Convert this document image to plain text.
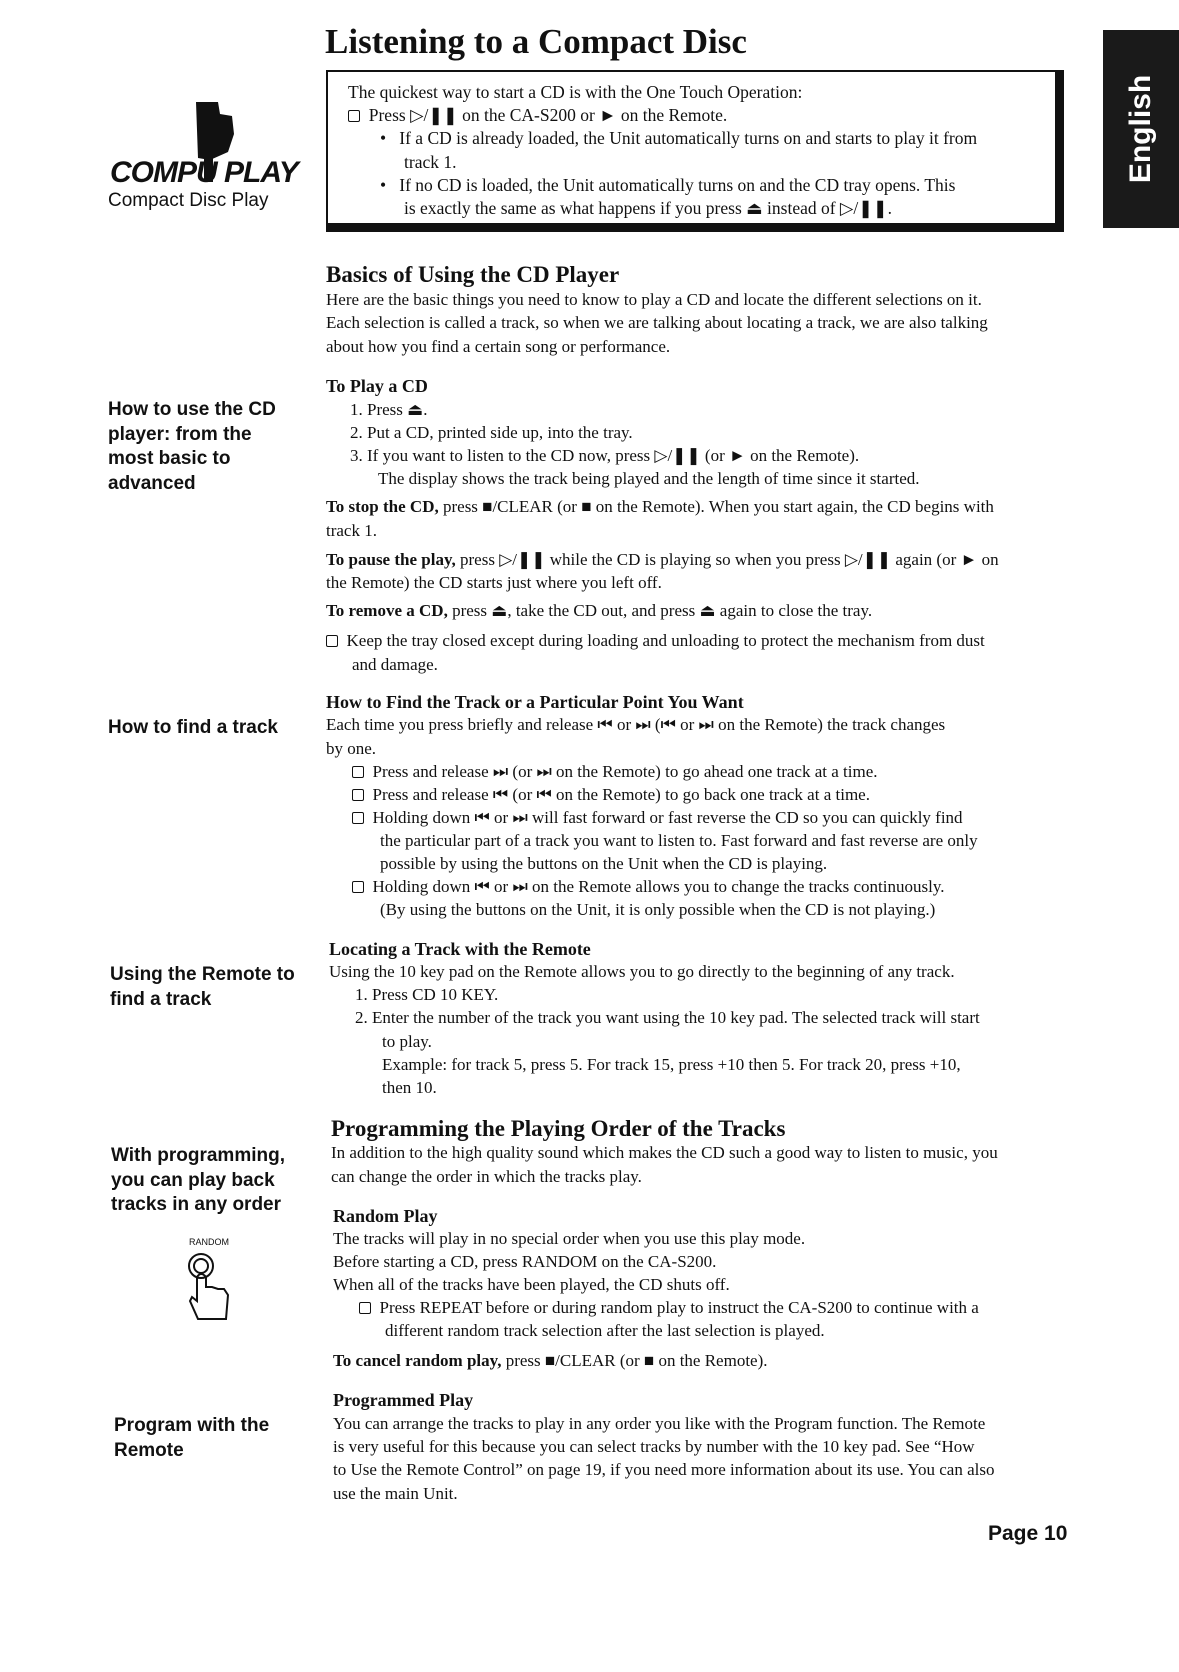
Listening to a Compact Disc
English
COMPU PLAY
Compact Disc Play
The quickest way to start a CD is with the One Touch Operation:
Press ▷/❚❚ on the CA-S200 or ► on the Remote.
•   If a CD is already loaded, the Unit automatically turns on and starts to play it from
track 1.
•   If no CD is loaded, the Unit automatically turns on and the CD tray opens. This
is exactly the same as what happens if you press ⏏ instead of ▷/❚❚.
How to use the CD
player: from the
most basic to
advanced
How to find a track
Using the Remote to
find a track
With programming,
you can play back
tracks in any order
RANDOM
Program with the
Remote
Basics of Using the CD Player
Here are the basic things you need to know to play a CD and locate the different selections on it.
Each selection is called a track, so when we are talking about locating a track, we are also talking
about how you find a certain song or performance.
To Play a CD
1. Press ⏏.
2. Put a CD, printed side up, into the tray.
3. If you want to listen to the CD now, press ▷/❚❚ (or ► on the Remote).
The display shows the track being played and the length of time since it started.
To stop the CD, press ■/CLEAR (or ■ on the Remote). When you start again, the CD begins with
track 1.
To pause the play, press ▷/❚❚ while the CD is playing so when you press ▷/❚❚ again (or ► on
the Remote) the CD starts just where you left off.
To remove a CD, press ⏏, take the CD out, and press ⏏ again to close the tray.
Keep the tray closed except during loading and unloading to protect the mechanism from dust
and damage.
How to Find the Track or a Particular Point You Want
Each time you press briefly and release ⏮ or ⏭ (⏮ or ⏭ on the Remote) the track changes
by one.
Press and release ⏭ (or ⏭ on the Remote) to go ahead one track at a time.
Press and release ⏮ (or ⏮ on the Remote) to go back one track at a time.
Holding down ⏮ or ⏭ will fast forward or fast reverse the CD so you can quickly find
the particular part of a track you want to listen to. Fast forward and fast reverse are only
possible by using the buttons on the Unit when the CD is playing.
Holding down ⏮ or ⏭ on the Remote allows you to change the tracks continuously.
(By using the buttons on the Unit, it is only possible when the CD is not playing.)
Locating a Track with the Remote
Using the 10 key pad on the Remote allows you to go directly to the beginning of any track.
1. Press CD 10 KEY.
2. Enter the number of the track you want using the 10 key pad. The selected track will start
to play.
Example: for track 5, press 5. For track 15, press +10 then 5. For track 20, press +10,
then 10.
Programming the Playing Order of the Tracks
In addition to the high quality sound which makes the CD such a good way to listen to music, you
can change the order in which the tracks play.
Random Play
The tracks will play in no special order when you use this play mode.
Before starting a CD, press RANDOM on the CA-S200.
When all of the tracks have been played, the CD shuts off.
Press REPEAT before or during random play to instruct the CA-S200 to continue with a
different random track selection after the last selection is played.
To cancel random play, press ■/CLEAR (or ■ on the Remote).
Programmed Play
You can arrange the tracks to play in any order you like with the Program function. The Remote
is very useful for this because you can select tracks by number with the 10 key pad. See “How
to Use the Remote Control” on page 19, if you need more information about its use. You can also
use the main Unit.
Page 10
